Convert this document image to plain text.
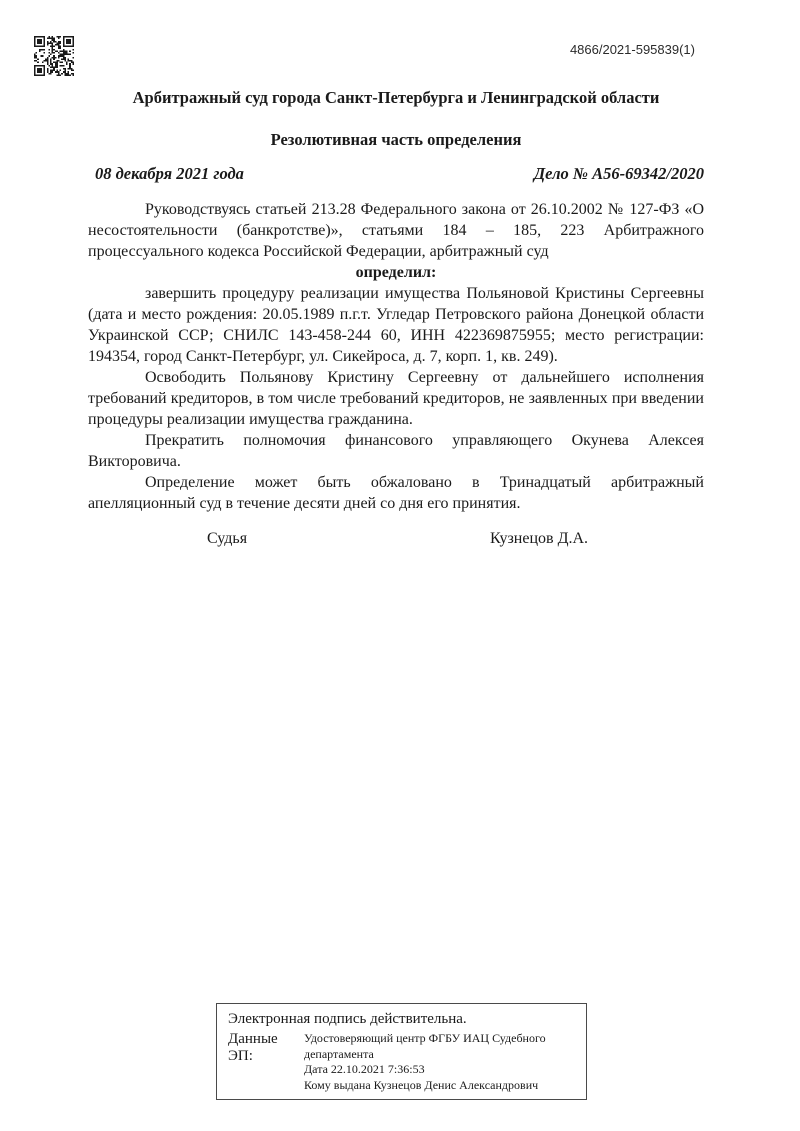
4866/2021-595839(1)
Арбитражный суд города Санкт-Петербурга и Ленинградской области
Резолютивная часть определения
08 декабря 2021 года	Дело № А56-69342/2020

Руководствуясь статьей 213.28 Федерального закона от 26.10.2002 № 127-ФЗ «О несостоятельности (банкротстве)», статьями 184 – 185, 223 Арбитражного процессуального кодекса Российской Федерации, арбитражный суд

определил:

завершить процедуру реализации имущества Польяновой Кристины Сергеевны (дата и место рождения: 20.05.1989 п.г.т. Угледар Петровского района Донецкой области Украинской ССР; СНИЛС 143-458-244 60, ИНН 422369875955; место регистрации: 194354, город Санкт-Петербург, ул. Сикейроса, д. 7, корп. 1, кв. 249).

Освободить Польянову Кристину Сергеевну от дальнейшего исполнения требований кредиторов, в том числе требований кредиторов, не заявленных при введении процедуры реализации имущества гражданина.

Прекратить полномочия финансового управляющего Окунева Алексея Викторовича.

Определение может быть обжаловано в Тринадцатый арбитражный апелляционный суд в течение десяти дней со дня его принятия.

Судья	Кузнецов Д.А.

Электронная подпись действительна.

Данные ЭП:
Удостоверяющий центр ФГБУ ИАЦ Судебного департамента
Дата 22.10.2021 7:36:53
Кому выдана Кузнецов Денис Александрович
